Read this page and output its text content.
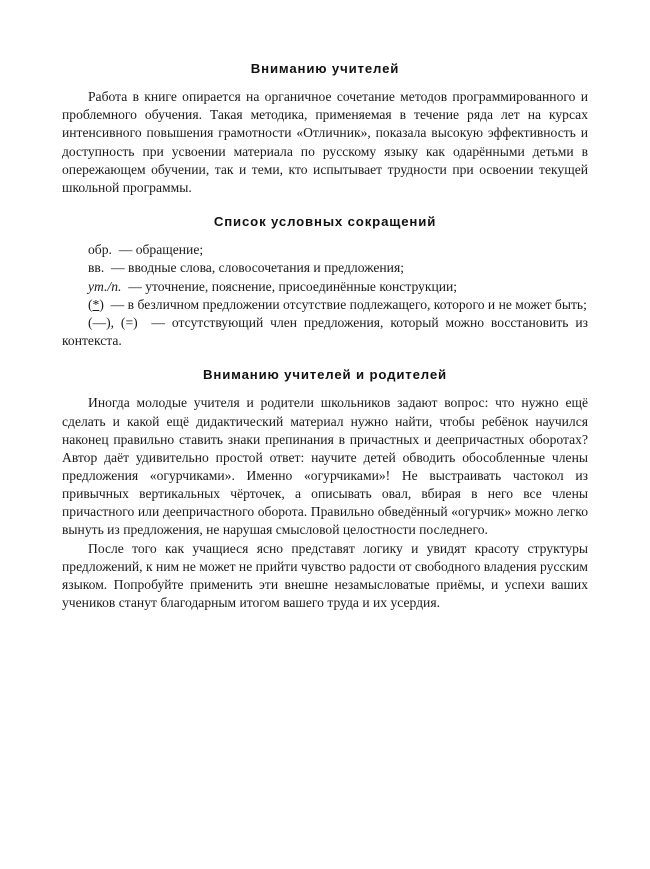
Вниманию учителей

Работа в книге опирается на органичное сочетание методов программированного и проблемного обучения. Такая методика, применяемая в течение ряда лет на курсах интенсивного повышения грамотности «Отличник», показала высокую эффективность и доступность при усвоении материала по русскому языку как одарёнными детьми в опережающем обучении, так и теми, кто испытывает трудности при освоении текущей школьной программы.

Список условных сокращений

обр. — обращение;

вв. — вводные слова, словосочетания и предложения;

ут./п. — уточнение, пояснение, присоединённые конструкции;

(*) — в безличном предложении отсутствие подлежащего, которого и не может быть;

(—), (=) — отсутствующий член предложения, который можно восстановить из контекста.

Вниманию учителей и родителей

Иногда молодые учителя и родители школьников задают вопрос: что нужно ещё сделать и какой ещё дидактический материал нужно найти, чтобы ребёнок научился наконец правильно ставить знаки препинания в причастных и деепричастных оборотах? Автор даёт удивительно простой ответ: научите детей обводить обособленные члены предложения «огурчиками». Именно «огурчиками»! Не выстраивать частокол из привычных вертикальных чёрточек, а описывать овал, вбирая в него все члены причастного или деепричастного оборота. Правильно обведённый «огурчик» можно легко вынуть из предложения, не нарушая смысловой целостности последнего.

После того как учащиеся ясно представят логику и увидят красоту структуры предложений, к ним не может не прийти чувство радости от свободного владения русским языком. Попробуйте применить эти внешне незамысловатые приёмы, и успехи ваших учеников станут благодарным итогом вашего труда и их усердия.
